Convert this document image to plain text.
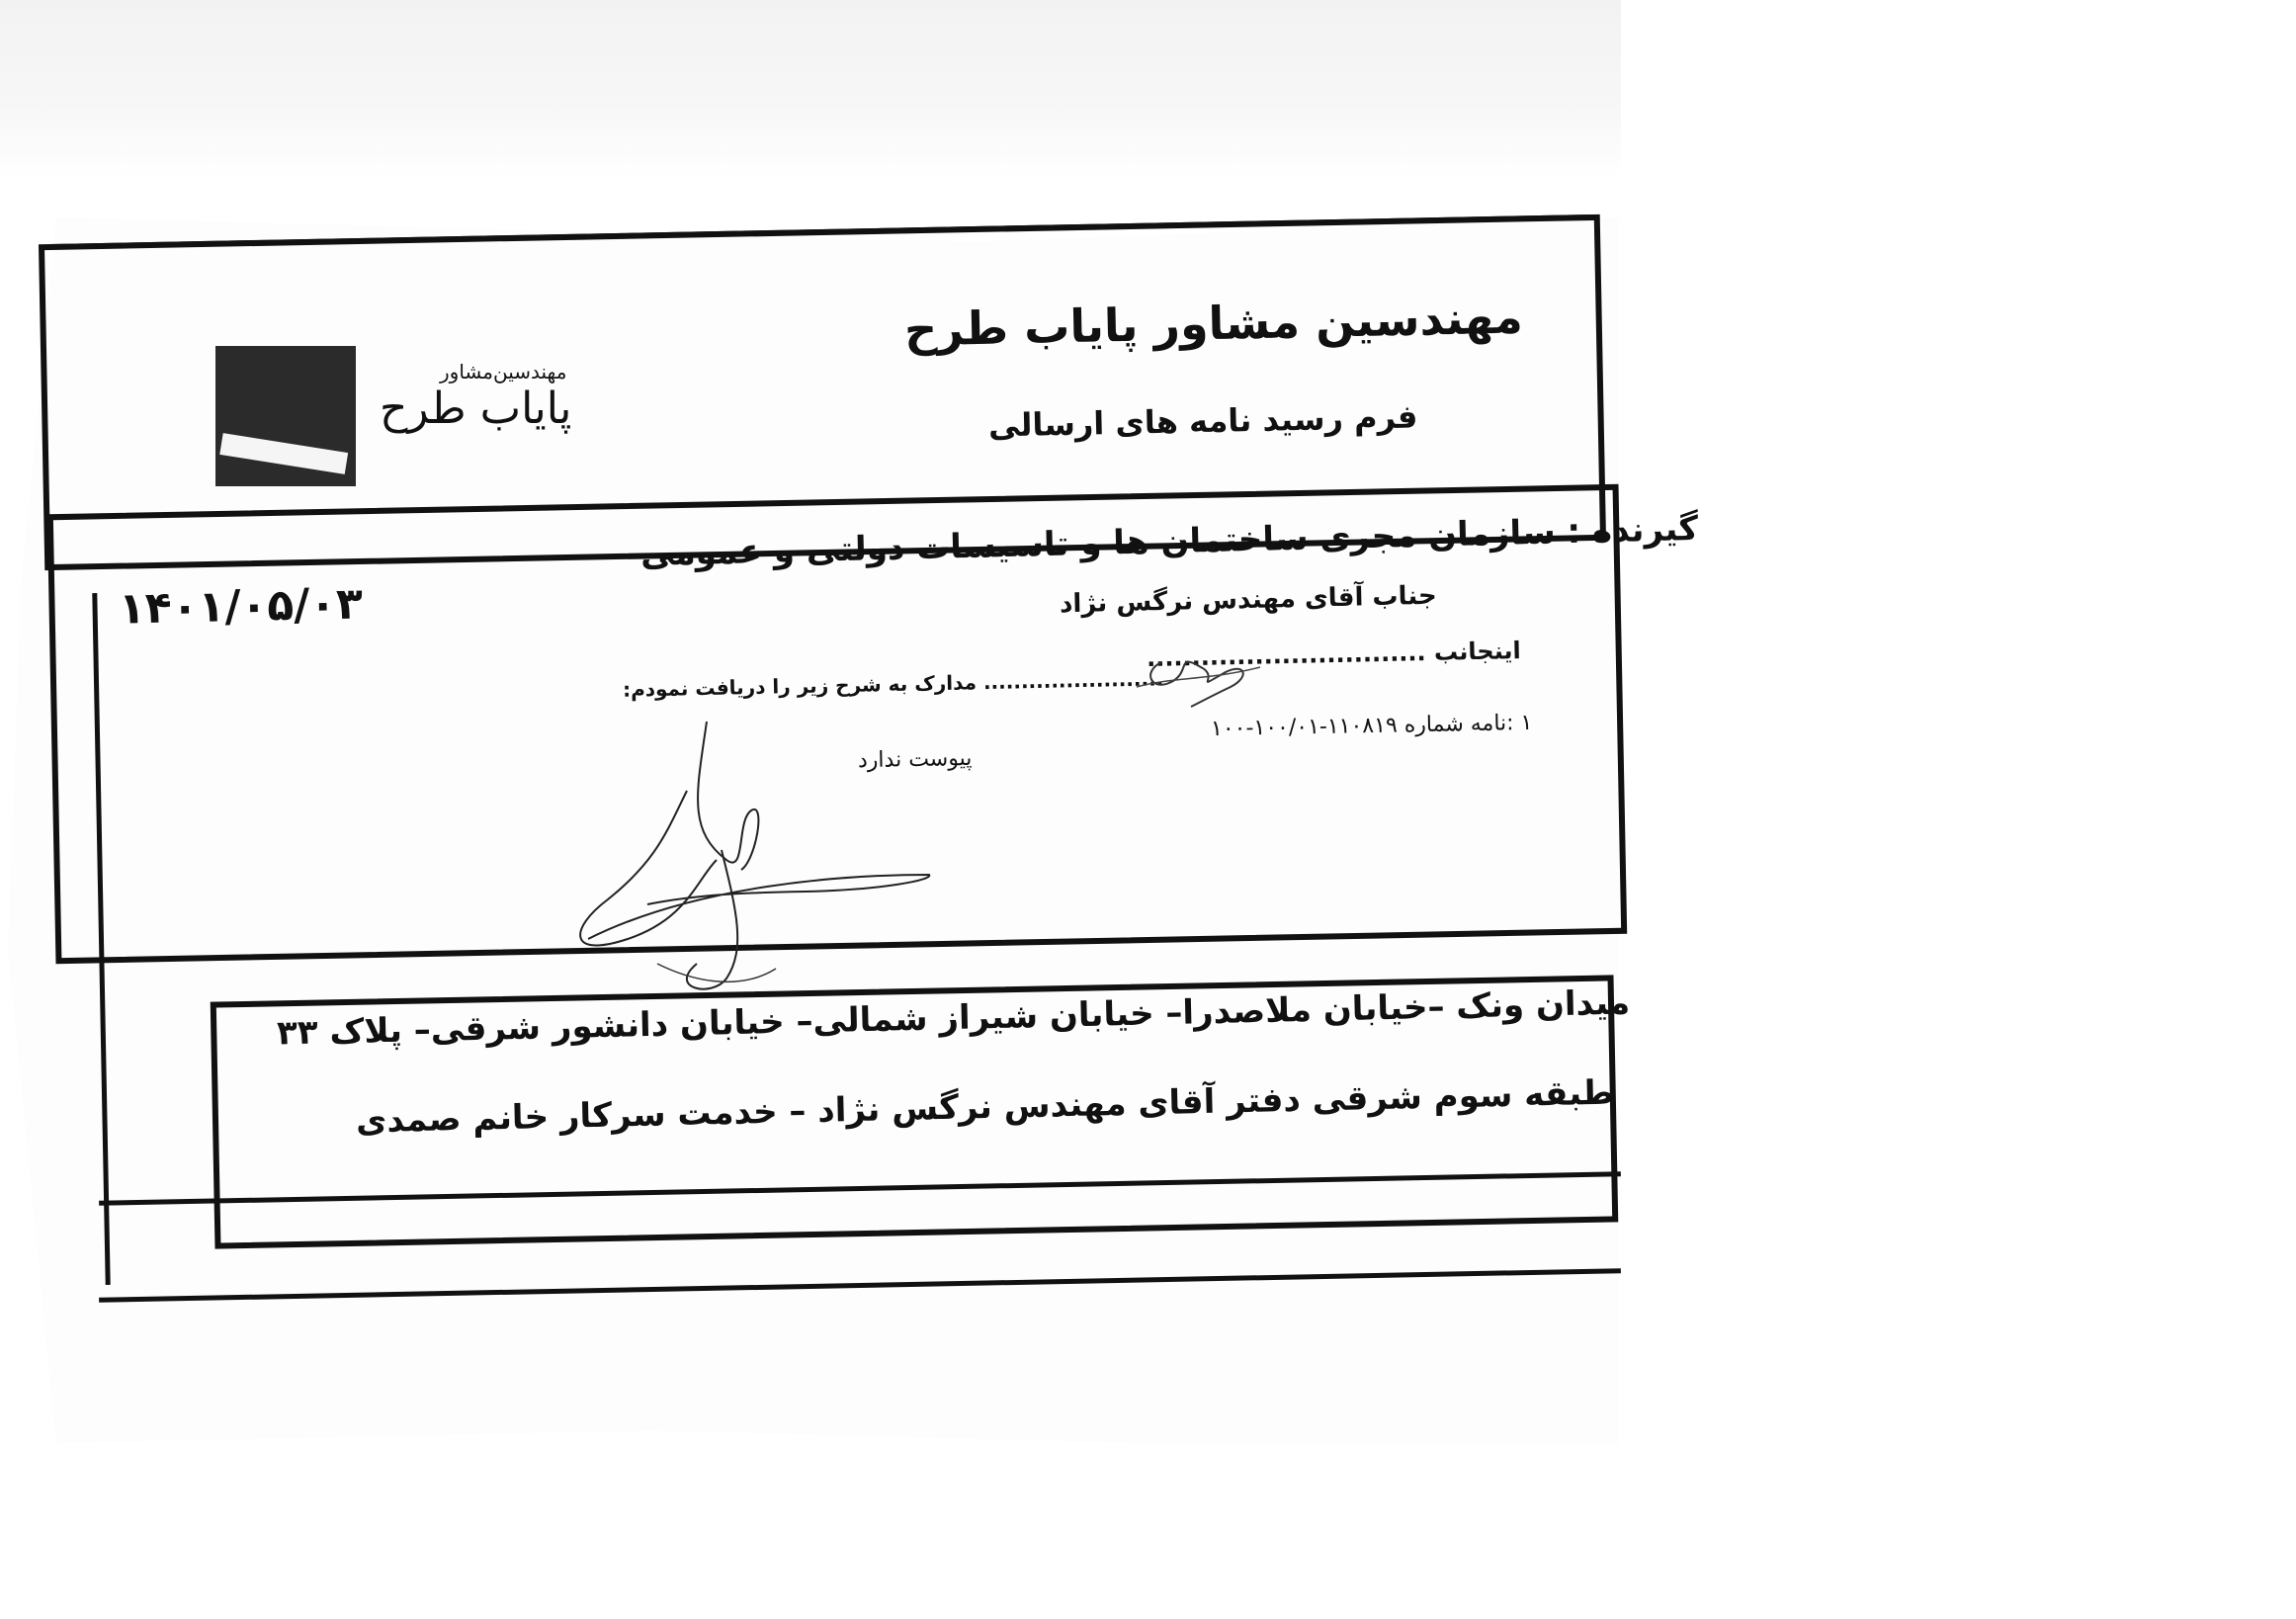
مهندسین مشاور پایاب طرح
فرم رسید نامه های ارسالی
مهندسین‌مشاور
پایاب طرح
گیرنده : سازمان مجری ساختمان ها و تاسیسات دولتی و عمومی
جناب آقای مهندس نرگس نژاد
۱۴۰۱/۰۵/۰۳
اینجانب ...............................
........................ مدارک به شرح زیر را دریافت نمودم:
۱ :نامه شماره ۱۱۰۸۱۹-۱۰۰/۰۱-۱۰۰
پیوست ندارد
میدان ونک –خیابان ملاصدرا– خیابان شیراز شمالی– خیابان دانشور شرقی– پلاک ۳۳
طبقه سوم شرقی دفتر آقای مهندس نرگس نژاد – خدمت سرکار خانم صمدی
